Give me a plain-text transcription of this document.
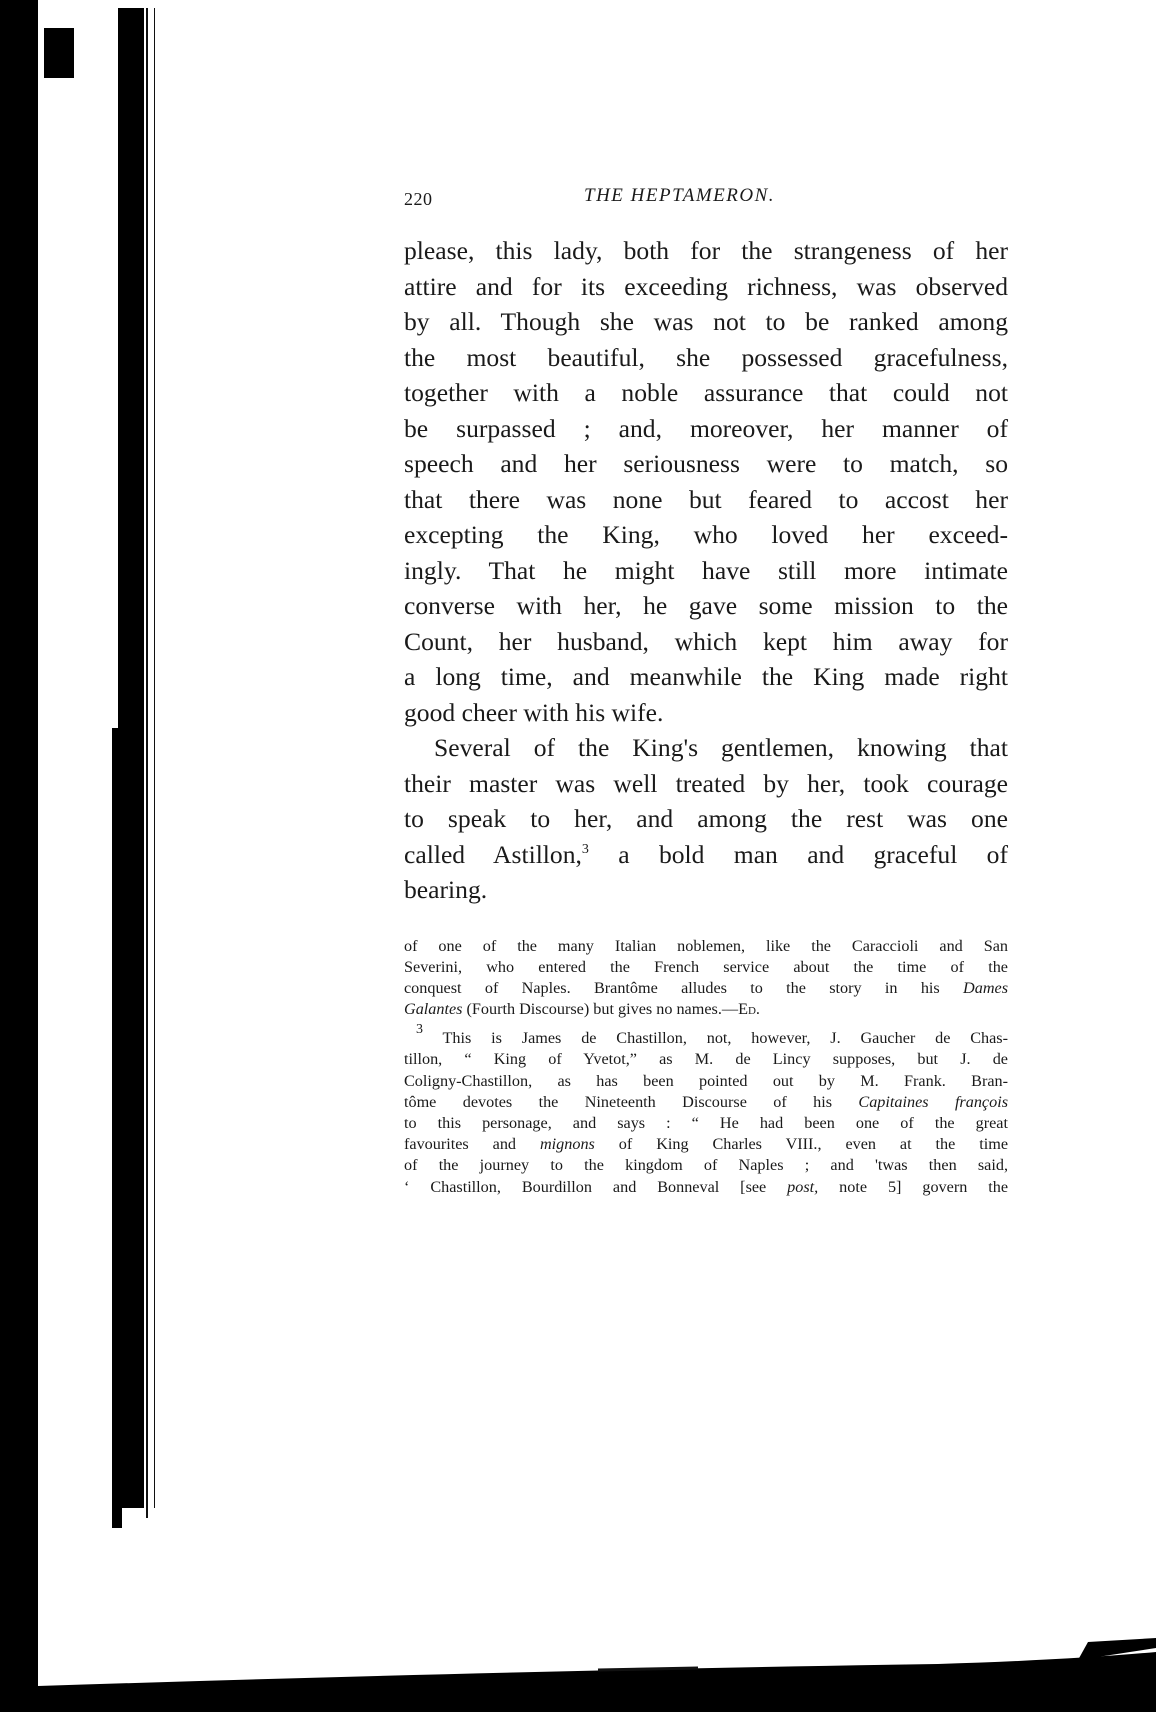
220	THE HEPTAMERON.
please, this lady, both for the strangeness of her
attire and for its exceeding richness, was observed
by all. Though she was not to be ranked among
the most beautiful, she possessed gracefulness,
together with a noble assurance that could not
be surpassed ; and, moreover, her manner of
speech and her seriousness were to match, so
that there was none but feared to accost her
excepting the King, who loved her exceed-
ingly. That he might have still more intimate
converse with her, he gave some mission to the
Count, her husband, which kept him away for
a long time, and meanwhile the King made right
good cheer with his wife.
Several of the King's gentlemen, knowing that
their master was well treated by her, took courage
to speak to her, and among the rest was one
called Astillon,$^3$ a bold man and graceful of
bearing.
of one of the many Italian noblemen, like the Caraccioli and San
Severini, who entered the French service about the time of the
conquest of Naples. Brantôme alludes to the story in his Dames
Galantes (Fourth Discourse) but gives no names.—Ed.
$^3$ This is James de Chastillon, not, however, J. Gaucher de Chas-
tillon, “ King of Yvetot,” as M. de Lincy supposes, but J. de
Coligny-Chastillon, as has been pointed out by M. Frank. Bran-
tôme devotes the Nineteenth Discourse of his Capitaines françois
to this personage, and says : “ He had been one of the great
favourites and mignons of King Charles VIII., even at the time
of the journey to the kingdom of Naples ; and 'twas then said,
‘ Chastillon, Bourdillon and Bonneval [see post, note 5] govern the
